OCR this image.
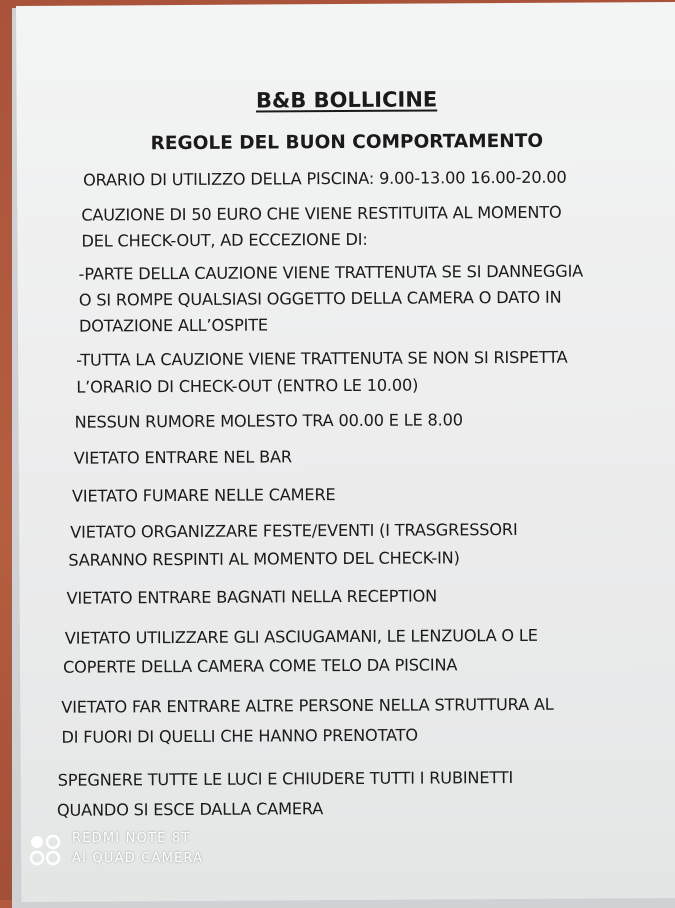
B&B BOLLICINE
REGOLE DEL BUON COMPORTAMENTO
ORARIO DI UTILIZZO DELLA PISCINA: 9.00-13.00 16.00-20.00
CAUZIONE DI 50 EURO CHE VIENE RESTITUITA AL MOMENTO
DEL CHECK-OUT, AD ECCEZIONE DI:
-PARTE DELLA CAUZIONE VIENE TRATTENUTA SE SI DANNEGGIA
O SI ROMPE QUALSIASI OGGETTO DELLA CAMERA O DATO IN
DOTAZIONE ALL’OSPITE
-TUTTA LA CAUZIONE VIENE TRATTENUTA SE NON SI RISPETTA
L’ORARIO DI CHECK-OUT (ENTRO LE 10.00)
NESSUN RUMORE MOLESTO TRA 00.00 E LE 8.00
VIETATO ENTRARE NEL BAR
VIETATO FUMARE NELLE CAMERE
VIETATO ORGANIZZARE FESTE/EVENTI (I TRASGRESSORI
SARANNO RESPINTI AL MOMENTO DEL CHECK-IN)
VIETATO ENTRARE BAGNATI NELLA RECEPTION
VIETATO UTILIZZARE GLI ASCIUGAMANI, LE LENZUOLA O LE
COPERTE DELLA CAMERA COME TELO DA PISCINA
VIETATO FAR ENTRARE ALTRE PERSONE NELLA STRUTTURA AL
DI FUORI DI QUELLI CHE HANNO PRENOTATO
SPEGNERE TUTTE LE LUCI E CHIUDERE TUTTI I RUBINETTI
QUANDO SI ESCE DALLA CAMERA
REDMI NOTE 8T
AI QUAD CAMERA
